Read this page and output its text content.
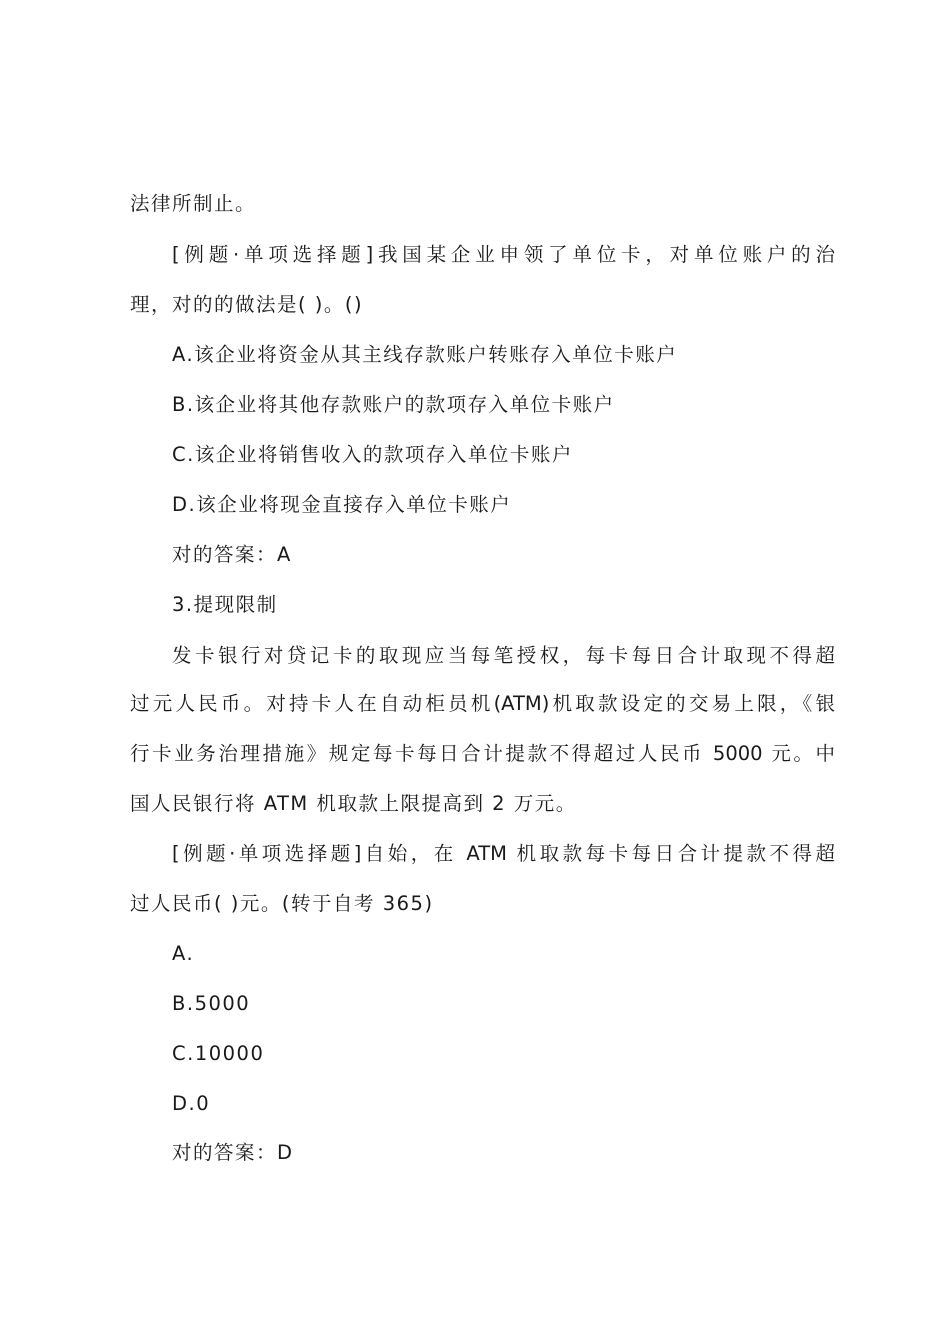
法律所制止。
[例题·单项选择题]我国某企业申领了单位卡，对单位账户的治
理，对的的做法是( )。()
A.该企业将资金从其主线存款账户转账存入单位卡账户
B.该企业将其他存款账户的款项存入单位卡账户
C.该企业将销售收入的款项存入单位卡账户
D.该企业将现金直接存入单位卡账户
对的答案：A
3.提现限制
发卡银行对贷记卡的取现应当每笔授权，每卡每日合计取现不得超
过元人民币。对持卡人在自动柜员机(ATM)机取款设定的交易上限，《银
行卡业务治理措施》规定每卡每日合计提款不得超过人民币 5000 元。中
国人民银行将 ATM 机取款上限提高到 2 万元。
[例题·单项选择题]自始，在 ATM 机取款每卡每日合计提款不得超
过人民币( )元。(转于自考 365)
A.
B.5000
C.10000
D.0
对的答案：D
